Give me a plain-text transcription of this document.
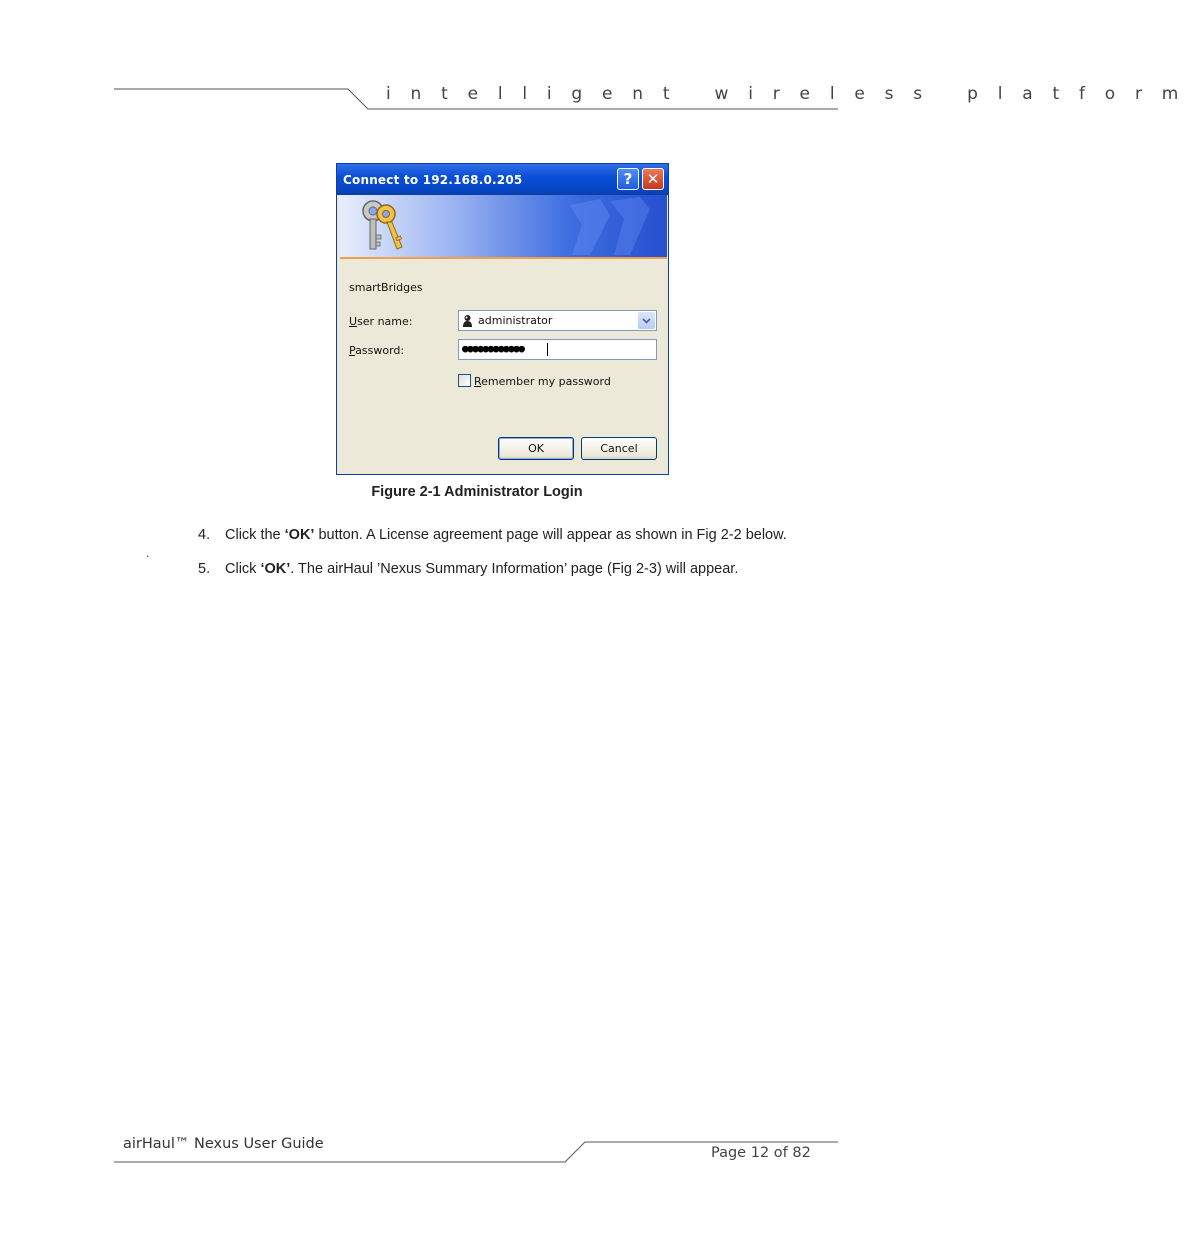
i n t e l l i g e n t   w i r e l e s s   p l a t f o r m
Connect to 192.168.0.205	? ✕
smartBridges
User name:	administrator
Password:	●●●●●●●●●●●●
Remember my password
OK	Cancel
Figure 2-1 Administrator Login
.
4. Click the ‘OK’ button. A License agreement page will appear as shown in Fig 2-2 below.
5. Click ‘OK’. The airHaul ’Nexus Summary Information’ page (Fig 2-3) will appear.
airHaul™ Nexus User Guide
Page 12 of 82
